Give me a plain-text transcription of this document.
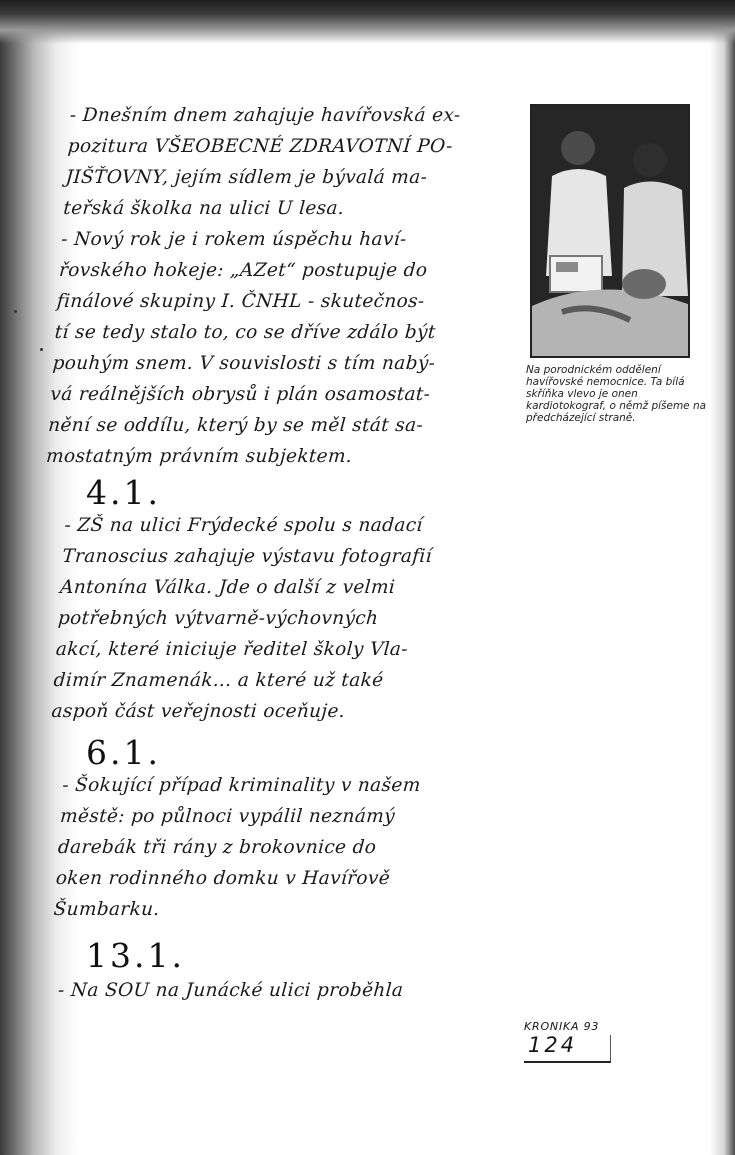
- Dnešním dnem zahajuje havířovská ex-
pozitura VŠEOBECNÉ ZDRAVOTNÍ PO-
JIŠŤOVNY, jejím sídlem je bývalá ma-
teřská školka na ulici U lesa.
- Nový rok je i rokem úspěchu haví-
řovského hokeje: „AZet“ postupuje do
finálové skupiny I. ČNHL - skutečnos-
tí se tedy stalo to, co se dříve zdálo být
pouhým snem. V souvislosti s tím nabý-
vá reálnějších obrysů i plán osamostat-
nění se oddílu, který by se měl stát sa-
mostatným právním subjektem.

4.1.

- ZŠ na ulici Frýdecké spolu s nadací
Tranoscius zahajuje výstavu fotografií
Antonína Válka. Jde o další z velmi
potřebných výtvarně-výchovných
akcí, které iniciuje ředitel školy Vla-
dimír Znamenák... a které už také
aspoň část veřejnosti oceňuje.

6.1.

- Šokující případ kriminality v našem
městě: po půlnoci vypálil neznámý
darebák tři rány z brokovnice do
oken rodinného domku v Havířově
Šumbarku.

13.1.

- Na SOU na Junácké ulici proběhla

Na porodnickém oddělení havířovské nemocnice. Ta bílá skříňka vlevo je onen kardiotokograf, o němž píšeme na předcházející straně.

KRONIKA 93
124
